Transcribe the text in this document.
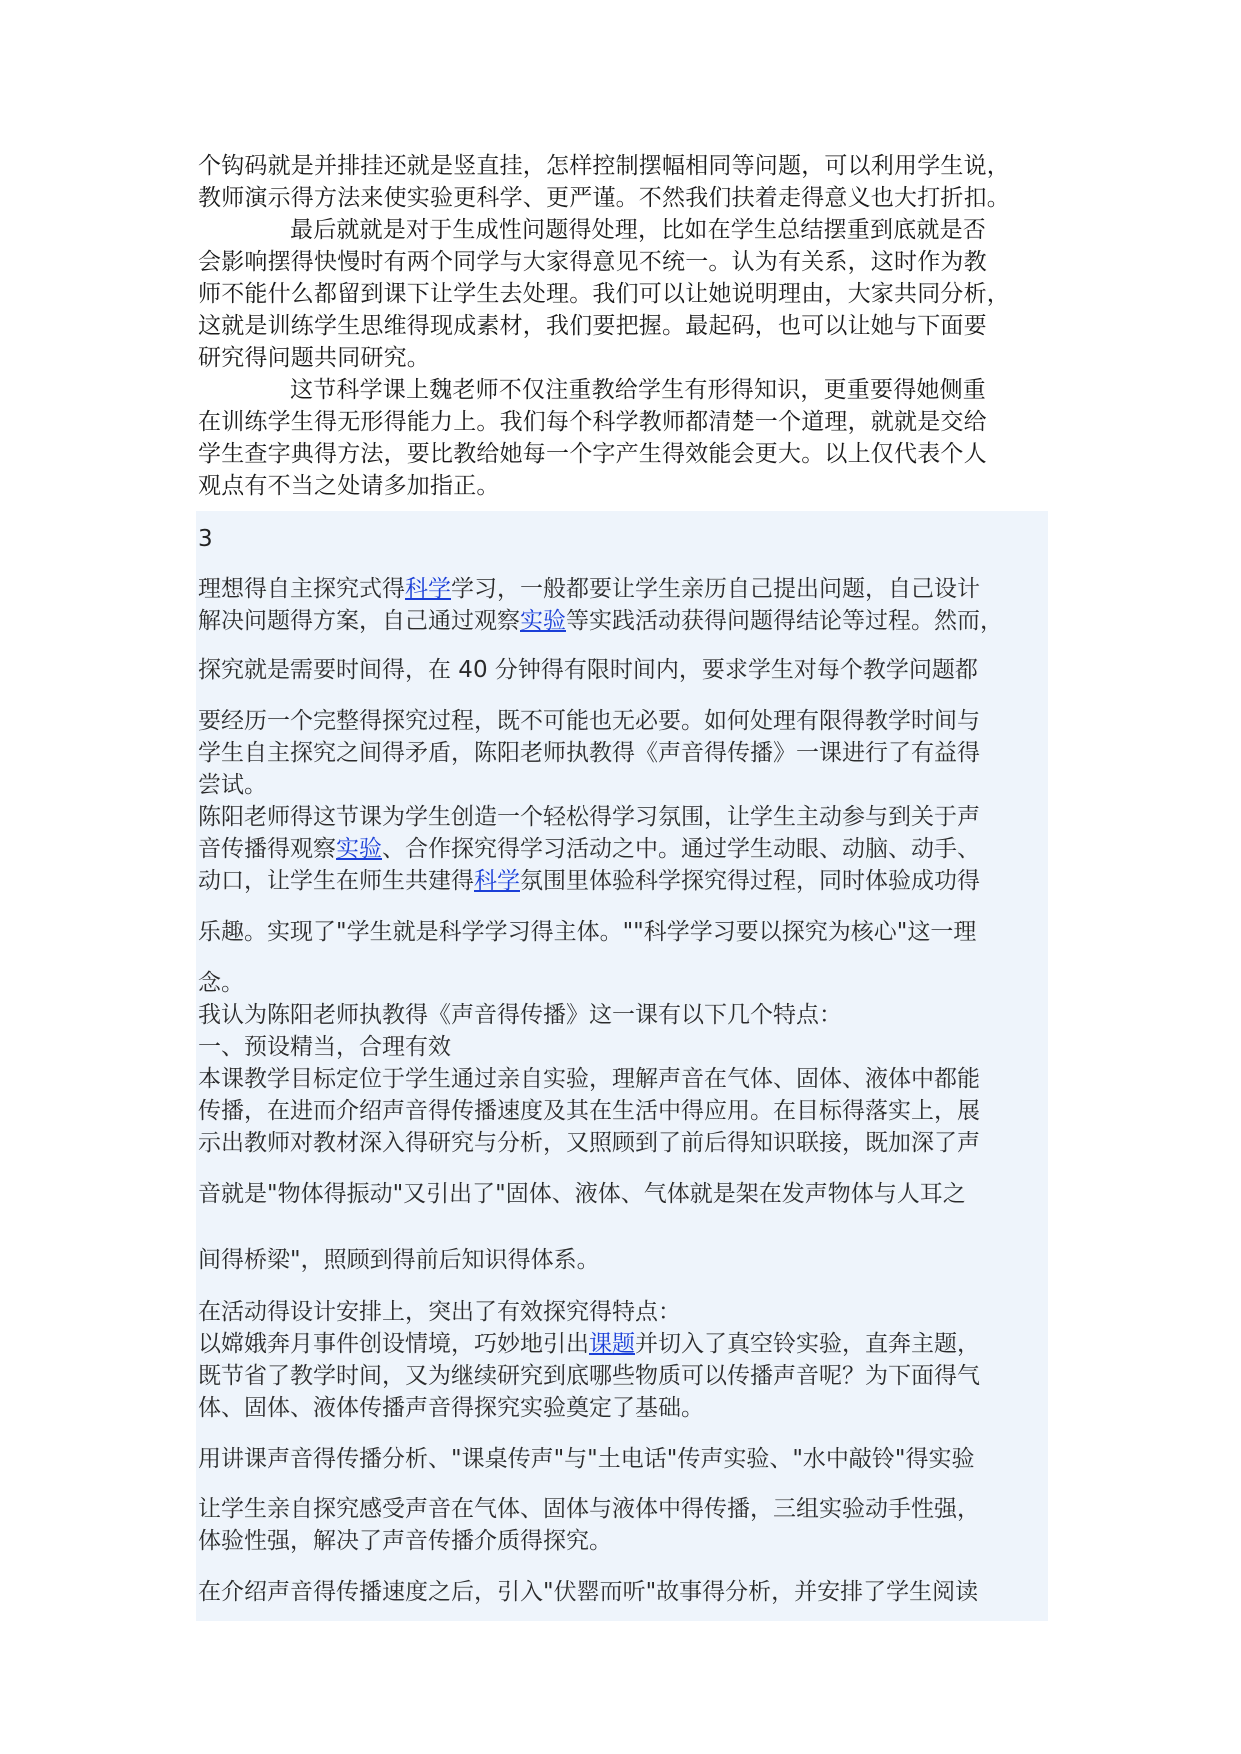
个钩码就是并排挂还就是竖直挂，怎样控制摆幅相同等问题，可以利用学生说，
教师演示得方法来使实验更科学、更严谨。不然我们扶着走得意义也大打折扣。
最后就就是对于生成性问题得处理，比如在学生总结摆重到底就是否
会影响摆得快慢时有两个同学与大家得意见不统一。认为有关系，这时作为教
师不能什么都留到课下让学生去处理。我们可以让她说明理由，大家共同分析，
这就是训练学生思维得现成素材，我们要把握。最起码，也可以让她与下面要
研究得问题共同研究。
这节科学课上魏老师不仅注重教给学生有形得知识，更重要得她侧重
在训练学生得无形得能力上。我们每个科学教师都清楚一个道理，就就是交给
学生查字典得方法，要比教给她每一个字产生得效能会更大。以上仅代表个人
观点有不当之处请多加指正。
3
理想得自主探究式得科学学习，一般都要让学生亲历自己提出问题，自己设计
解决问题得方案，自己通过观察实验等实践活动获得问题得结论等过程。然而，
探究就是需要时间得，在 40 分钟得有限时间内，要求学生对每个教学问题都
要经历一个完整得探究过程，既不可能也无必要。如何处理有限得教学时间与
学生自主探究之间得矛盾，陈阳老师执教得《声音得传播》一课进行了有益得
尝试。
陈阳老师得这节课为学生创造一个轻松得学习氛围，让学生主动参与到关于声
音传播得观察实验、合作探究得学习活动之中。通过学生动眼、动脑、动手、
动口，让学生在师生共建得科学氛围里体验科学探究得过程，同时体验成功得
乐趣。实现了"学生就是科学学习得主体。""科学学习要以探究为核心"这一理
念。
我认为陈阳老师执教得《声音得传播》这一课有以下几个特点：
一、预设精当，合理有效
本课教学目标定位于学生通过亲自实验，理解声音在气体、固体、液体中都能
传播，在进而介绍声音得传播速度及其在生活中得应用。在目标得落实上，展
示出教师对教材深入得研究与分析，又照顾到了前后得知识联接，既加深了声
音就是"物体得振动"又引出了"固体、液体、气体就是架在发声物体与人耳之
间得桥梁"，照顾到得前后知识得体系。
在活动得设计安排上，突出了有效探究得特点：
以嫦娥奔月事件创设情境，巧妙地引出课题并切入了真空铃实验，直奔主题，
既节省了教学时间，又为继续研究到底哪些物质可以传播声音呢？为下面得气
体、固体、液体传播声音得探究实验奠定了基础。
用讲课声音得传播分析、"课桌传声"与"土电话"传声实验、"水中敲铃"得实验
让学生亲自探究感受声音在气体、固体与液体中得传播，三组实验动手性强，
体验性强，解决了声音传播介质得探究。
在介绍声音得传播速度之后，引入"伏罂而听"故事得分析，并安排了学生阅读
